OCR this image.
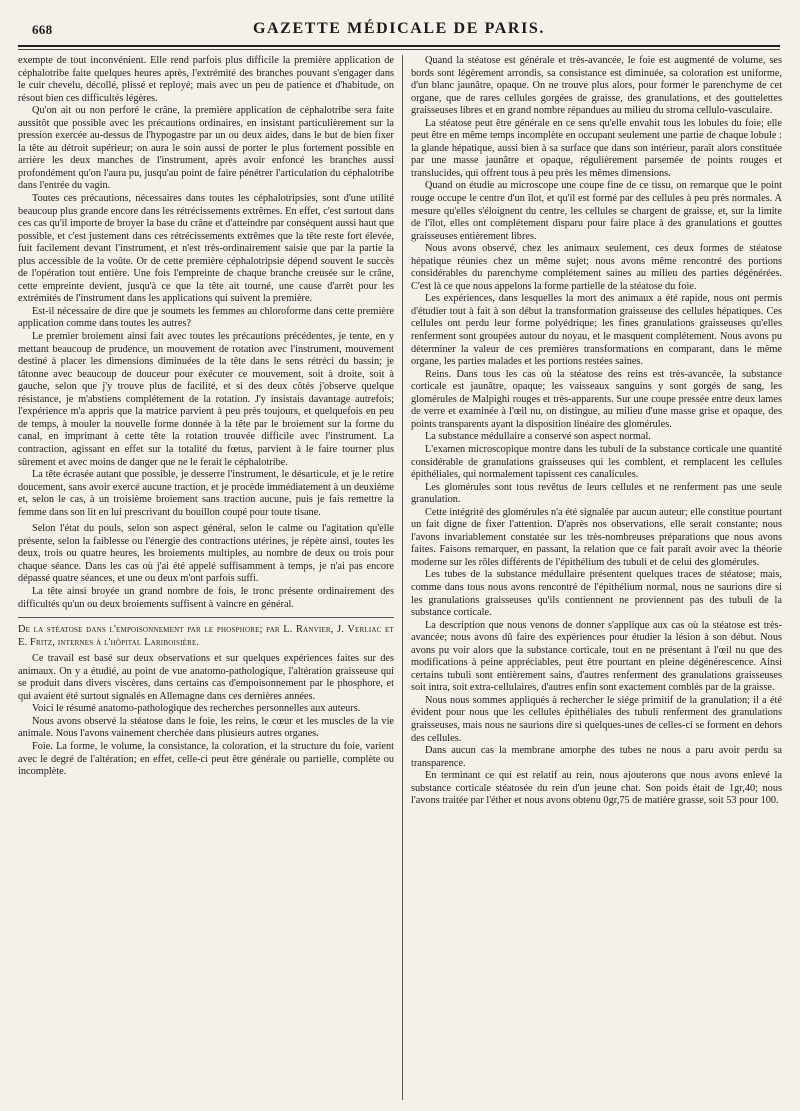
668	GAZETTE MÉDICALE DE PARIS.

exempte de tout inconvénient. Elle rend parfois plus difficile la première application de céphalotribe faite quelques heures après, l'extrémité des branches pouvant s'engager dans le cuir chevelu, décollé, plissé et reployé; mais avec un peu de patience et d'habitude, on résout bien ces difficultés légères.

Qu'on ait ou non perforé le crâne, la première application de céphalotribe sera faite aussitôt que possible avec les précautions ordinaires, en insistant particulièrement sur la pression exercée au-dessus de l'hypogastre par un ou deux aides, dans le but de bien fixer la tête au détroit supérieur; on aura le soin aussi de porter le plus fortement possible en arrière les deux manches de l'instrument, après avoir enfoncé les branches aussi profondément qu'on l'aura pu, jusqu'au point de faire pénétrer l'articulation du céphalotribe dans l'entrée du vagin.

Toutes ces précautions, nécessaires dans toutes les céphalotripsies, sont d'une utilité beaucoup plus grande encore dans les rétrécissements extrêmes. En effet, c'est surtout dans ces cas qu'il importe de broyer la base du crâne et d'atteindre par conséquent aussi haut que possible, et c'est justement dans ces rétrécissements extrêmes que la tête reste fort élevée, fuit facilement devant l'instrument, et n'est très-ordinairement saisie que par la partie la plus accessible de la voûte. Or de cette première céphalotripsie dépend souvent le succès de l'opération tout entière. Une fois l'empreinte de chaque branche creusée sur le crâne, cette empreinte devient, jusqu'à ce que la tête ait tourné, une cause d'arrêt pour les extrémités de l'instrument dans les applications qui suivent la première.

Est-il nécessaire de dire que je soumets les femmes au chloroforme dans cette première application comme dans toutes les autres?

Le premier broiement ainsi fait avec toutes les précautions précédentes, je tente, en y mettant beaucoup de prudence, un mouvement de rotation avec l'instrument, mouvement destiné à placer les dimensions diminuées de la tête dans le sens rétréci du bassin; je tâtonne avec beaucoup de douceur pour exécuter ce mouvement, soit à droite, soit à gauche, selon que j'y trouve plus de facilité, et si des deux côtés j'observe quelque résistance, je m'abstiens complétement de la rotation. J'y insistais davantage autrefois; l'expérience m'a appris que la matrice parvient à peu près toujours, et quelquefois en peu de temps, à mouler la nouvelle forme donnée à la tête par le broiement sur la forme du canal, en imprimant à cette tête la rotation trouvée difficile avec l'instrument. La contraction, agissant en effet sur la totalité du fœtus, parvient à le faire tourner plus sûrement et avec moins de danger que ne le ferait le céphalotribe.

La tête écrasée autant que possible, je desserre l'instrument, le désarticule, et je le retire doucement, sans avoir exercé aucune traction, et je procède immédiatement à un deuxième et, selon le cas, à un troisième broiement sans traction aucune, puis je fais remettre la femme dans son lit en lui prescrivant du bouillon coupé pour toute tisane.

Selon l'état du pouls, selon son aspect général, selon le calme ou l'agitation qu'elle présente, selon la faiblesse ou l'énergie des contractions utérines, je répète ainsi, toutes les deux, trois ou quatre heures, les broiements multiples, au nombre de deux ou trois pour chaque séance. Dans les cas où j'ai été appelé suffisamment à temps, je n'ai pas encore dépassé quatre séances, et une ou deux m'ont parfois suffi.

La tête ainsi broyée un grand nombre de fois, le tronc présente ordinairement des difficultés qu'un ou deux broiements suffisent à vaincre en général.

De la stéatose dans l'empoisonnement par le phosphore; par L. Ranvier, J. Verliac et E. Fritz, internes à l'hôpital Lariboisière.

Ce travail est basé sur deux observations et sur quelques expériences faites sur des animaux. On y a étudié, au point de vue anatomo-pathologique, l'altération graisseuse qui se produit dans divers viscères, dans certains cas d'empoisonnement par le phosphore, et qui avaient été surtout signalés en Allemagne dans ces dernières années.

Voici le résumé anatomo-pathologique des recherches personnelles aux auteurs.

Nous avons observé la stéatose dans le foie, les reins, le cœur et les muscles de la vie animale. Nous l'avons vainement cherchée dans plusieurs autres organes.

Foie. La forme, le volume, la consistance, la coloration, et la structure du foie, varient avec le degré de l'altération; en effet, celle-ci peut être générale ou partielle, complète ou incomplète.

Quand la stéatose est générale et très-avancée, le foie est augmenté de volume, ses bords sont légèrement arrondis, sa consistance est diminuée, sa coloration est uniforme, d'un blanc jaunâtre, opaque. On ne trouve plus alors, pour former le parenchyme de cet organe, que de rares cellules gorgées de graisse, des granulations, et des gouttelettes graisseuses libres et en grand nombre répandues au milieu du stroma cellulo-vasculaire.

La stéatose peut être générale en ce sens qu'elle envahit tous les lobules du foie; elle peut être en même temps incomplète en occupant seulement une partie de chaque lobule : la glande hépatique, aussi bien à sa surface que dans son intérieur, paraît alors constituée par une masse jaunâtre et opaque, régulièrement parsemée de points rouges et translucides, qui offrent tous à peu près les mêmes dimensions.

Quand on étudie au microscope une coupe fine de ce tissu, on remarque que le point rouge occupe le centre d'un îlot, et qu'il est formé par des cellules à peu près normales. A mesure qu'elles s'éloignent du centre, les cellules se chargent de graisse, et, sur la limite de l'îlot, elles ont complétement disparu pour faire place à des granulations et gouttes graisseuses entièrement libres.

Nous avons observé, chez les animaux seulement, ces deux formes de stéatose hépatique réunies chez un même sujet; nous avons même rencontré des portions considérables du parenchyme complétement saines au milieu des parties dégénérées. C'est là ce que nous appelons la forme partielle de la stéatose du foie.

Les expériences, dans lesquelles la mort des animaux a été rapide, nous ont permis d'étudier tout à fait à son début la transformation graisseuse des cellules hépatiques. Ces cellules ont perdu leur forme polyédrique; les fines granulations graisseuses qu'elles renferment sont groupées autour du noyau, et le masquent complétement. Nous avons pu déterminer la valeur de ces premières transformations en comparant, dans le même organe, les parties malades et les portions restées saines.

Reins. Dans tous les cas où la stéatose des reins est très-avancée, la substance corticale est jaunâtre, opaque; les vaisseaux sanguins y sont gorgés de sang, les glomérules de Malpighi rouges et très-apparents. Sur une coupe pressée entre deux lames de verre et examinée à l'œil nu, on distingue, au milieu d'une masse grise et opaque, des points transparents ayant la disposition linéaire des glomérules.

La substance médullaire a conservé son aspect normal.

L'examen microscopique montre dans les tubuli de la substance corticale une quantité considérable de granulations graisseuses qui les comblent, et remplacent les cellules épithéliales, qui normalement tapissent ces canalicules.

Les glomérules sont tous revêtus de leurs cellules et ne renferment pas une seule granulation.

Cette intégrité des glomérules n'a été signalée par aucun auteur; elle constitue pourtant un fait digne de fixer l'attention. D'après nos observations, elle serait constante; nous l'avons invariablement constatée sur les très-nombreuses préparations que nous avons faites. Faisons remarquer, en passant, la relation que ce fait paraît avoir avec la théorie moderne sur les rôles différents de l'épithélium des tubuli et de celui des glomérules.

Les tubes de la substance médullaire présentent quelques traces de stéatose; mais, comme dans tous nous avons rencontré de l'épithélium normal, nous ne saurions dire si les granulations graisseuses qu'ils contiennent ne proviennent pas des tubuli de la substance corticale.

La description que nous venons de donner s'applique aux cas où la stéatose est très-avancée; nous avons dû faire des expériences pour étudier la lésion à son début. Nous avons pu voir alors que la substance corticale, tout en ne présentant à l'œil nu que des modifications à peine appréciables, peut être pourtant en pleine dégénérescence. Ainsi certains tubuli sont entièrement sains, d'autres renferment des granulations graisseuses soit intra, soit extra-cellulaires, d'autres enfin sont exactement comblés par de la graisse.

Nous nous sommes appliqués à rechercher le siége primitif de la granulation; il a été évident pour nous que les cellules épithéliales des tubuli renferment des granulations graisseuses, mais nous ne saurions dire si quelques-unes de celles-ci se forment en dehors des cellules.

Dans aucun cas la membrane amorphe des tubes ne nous a paru avoir perdu sa transparence.

En terminant ce qui est relatif au rein, nous ajouterons que nous avons enlevé la substance corticale stéatosée du rein d'un jeune chat. Son poids était de 1gr,40; nous l'avons traitée par l'éther et nous avons obtenu 0gr,75 de matière grasse, soit 53 pour 100.
